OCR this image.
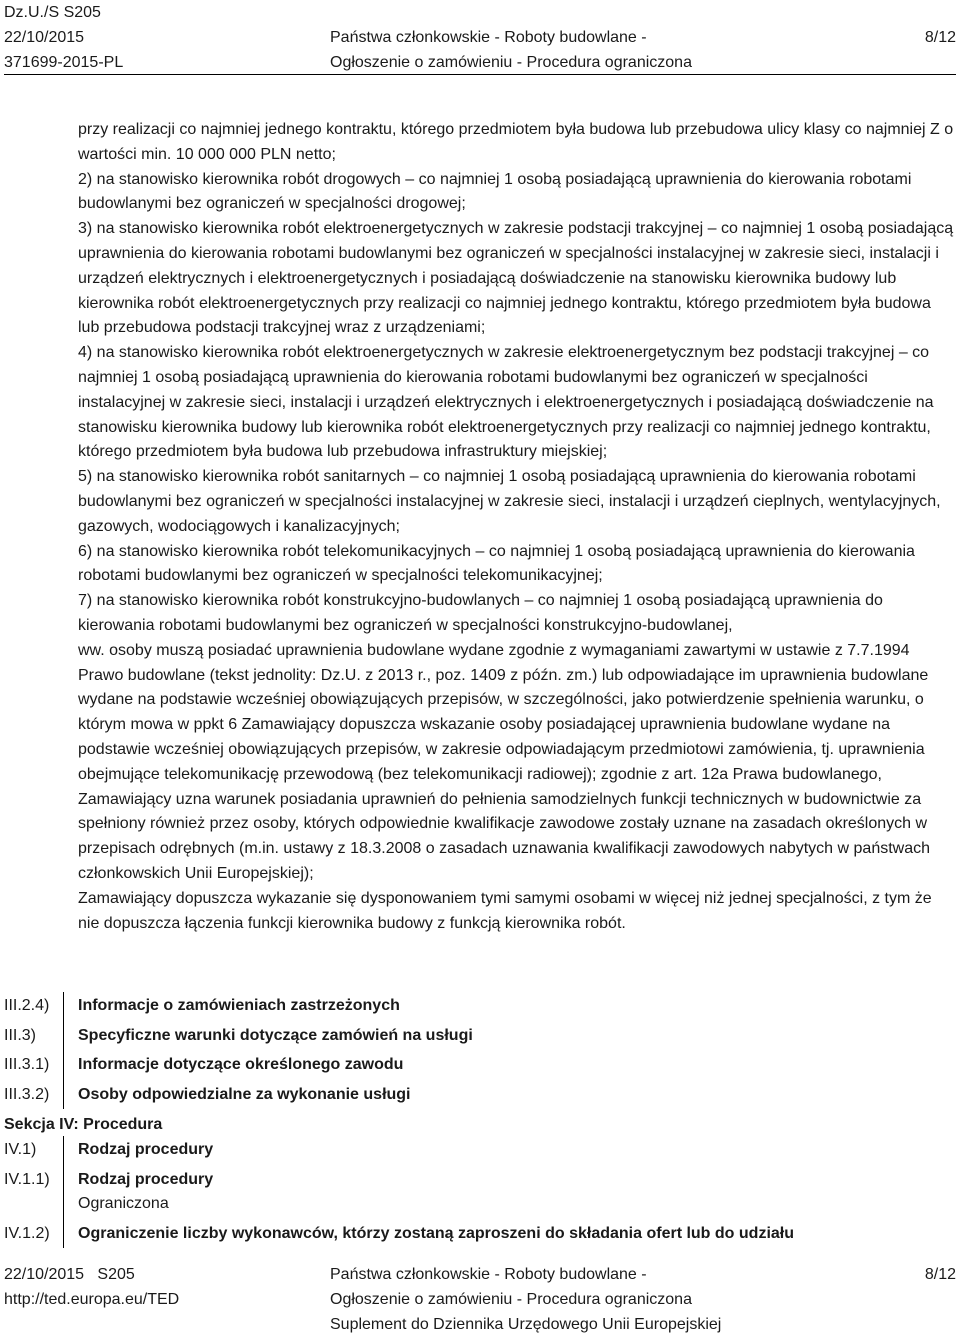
Dz.U./S S205
22/10/2015
371699-2015-PL
Państwa członkowskie - Roboty budowlane -
Ogłoszenie o zamówieniu - Procedura ograniczona
8/12

przy realizacji co najmniej jednego kontraktu, którego przedmiotem była budowa lub przebudowa ulicy klasy co najmniej Z o wartości min. 10 000 000 PLN netto;

2) na stanowisko kierownika robót drogowych – co najmniej 1 osobą posiadającą uprawnienia do kierowania robotami budowlanymi bez ograniczeń w specjalności drogowej;

3) na stanowisko kierownika robót elektroenergetycznych w zakresie podstacji trakcyjnej – co najmniej 1 osobą posiadającą uprawnienia do kierowania robotami budowlanymi bez ograniczeń w specjalności instalacyjnej w zakresie sieci, instalacji i urządzeń elektrycznych i elektroenergetycznych i posiadającą doświadczenie na stanowisku kierownika budowy lub kierownika robót elektroenergetycznych przy realizacji co najmniej jednego kontraktu, którego przedmiotem była budowa lub przebudowa podstacji trakcyjnej wraz z urządzeniami;

4) na stanowisko kierownika robót elektroenergetycznych w zakresie elektroenergetycznym bez podstacji trakcyjnej – co najmniej 1 osobą posiadającą uprawnienia do kierowania robotami budowlanymi bez ograniczeń w specjalności instalacyjnej w zakresie sieci, instalacji i urządzeń elektrycznych i elektroenergetycznych i posiadającą doświadczenie na stanowisku kierownika budowy lub kierownika robót elektroenergetycznych przy realizacji co najmniej jednego kontraktu, którego przedmiotem była budowa lub przebudowa infrastruktury miejskiej;

5) na stanowisko kierownika robót sanitarnych – co najmniej 1 osobą posiadającą uprawnienia do kierowania robotami budowlanymi bez ograniczeń w specjalności instalacyjnej w zakresie sieci, instalacji i urządzeń cieplnych, wentylacyjnych, gazowych, wodociągowych i kanalizacyjnych;

6) na stanowisko kierownika robót telekomunikacyjnych – co najmniej 1 osobą posiadającą uprawnienia do kierowania robotami budowlanymi bez ograniczeń w specjalności telekomunikacyjnej;

7) na stanowisko kierownika robót konstrukcyjno-budowlanych – co najmniej 1 osobą posiadającą uprawnienia do kierowania robotami budowlanymi bez ograniczeń w specjalności konstrukcyjno-budowlanej,

ww. osoby muszą posiadać uprawnienia budowlane wydane zgodnie z wymaganiami zawartymi w ustawie z 7.7.1994 Prawo budowlane (tekst jednolity: Dz.U. z 2013 r., poz. 1409 z późn. zm.) lub odpowiadające im uprawnienia budowlane wydane na podstawie wcześniej obowiązujących przepisów, w szczególności, jako potwierdzenie spełnienia warunku, o którym mowa w ppkt 6 Zamawiający dopuszcza wskazanie osoby posiadającej uprawnienia budowlane wydane na podstawie wcześniej obowiązujących przepisów, w zakresie odpowiadającym przedmiotowi zamówienia, tj. uprawnienia obejmujące telekomunikację przewodową (bez telekomunikacji radiowej); zgodnie z art. 12a Prawa budowlanego, Zamawiający uzna warunek posiadania uprawnień do pełnienia samodzielnych funkcji technicznych w budownictwie za spełniony również przez osoby, których odpowiednie kwalifikacje zawodowe zostały uznane na zasadach określonych w przepisach odrębnych (m.in. ustawy z 18.3.2008 o zasadach uznawania kwalifikacji zawodowych nabytych w państwach członkowskich Unii Europejskiej);

Zamawiający dopuszcza wykazanie się dysponowaniem tymi samymi osobami w więcej niż jednej specjalności, z tym że nie dopuszcza łączenia funkcji kierownika budowy z funkcją kierownika robót.

III.2.4) Informacje o zamówieniach zastrzeżonych
III.3)	Specyficzne warunki dotyczące zamówień na usługi
III.3.1) Informacje dotyczące określonego zawodu
III.3.2) Osoby odpowiedzialne za wykonanie usługi
Sekcja IV: Procedura
IV.1)	Rodzaj procedury
IV.1.1) Rodzaj procedury
Ograniczona
IV.1.2) Ograniczenie liczby wykonawców, którzy zostaną zaproszeni do składania ofert lub do udziału
22/10/2015   S205
http://ted.europa.eu/TED
Państwa członkowskie - Roboty budowlane -
Ogłoszenie o zamówieniu - Procedura ograniczona
Suplement do Dziennika Urzędowego Unii Europejskiej
8/12
